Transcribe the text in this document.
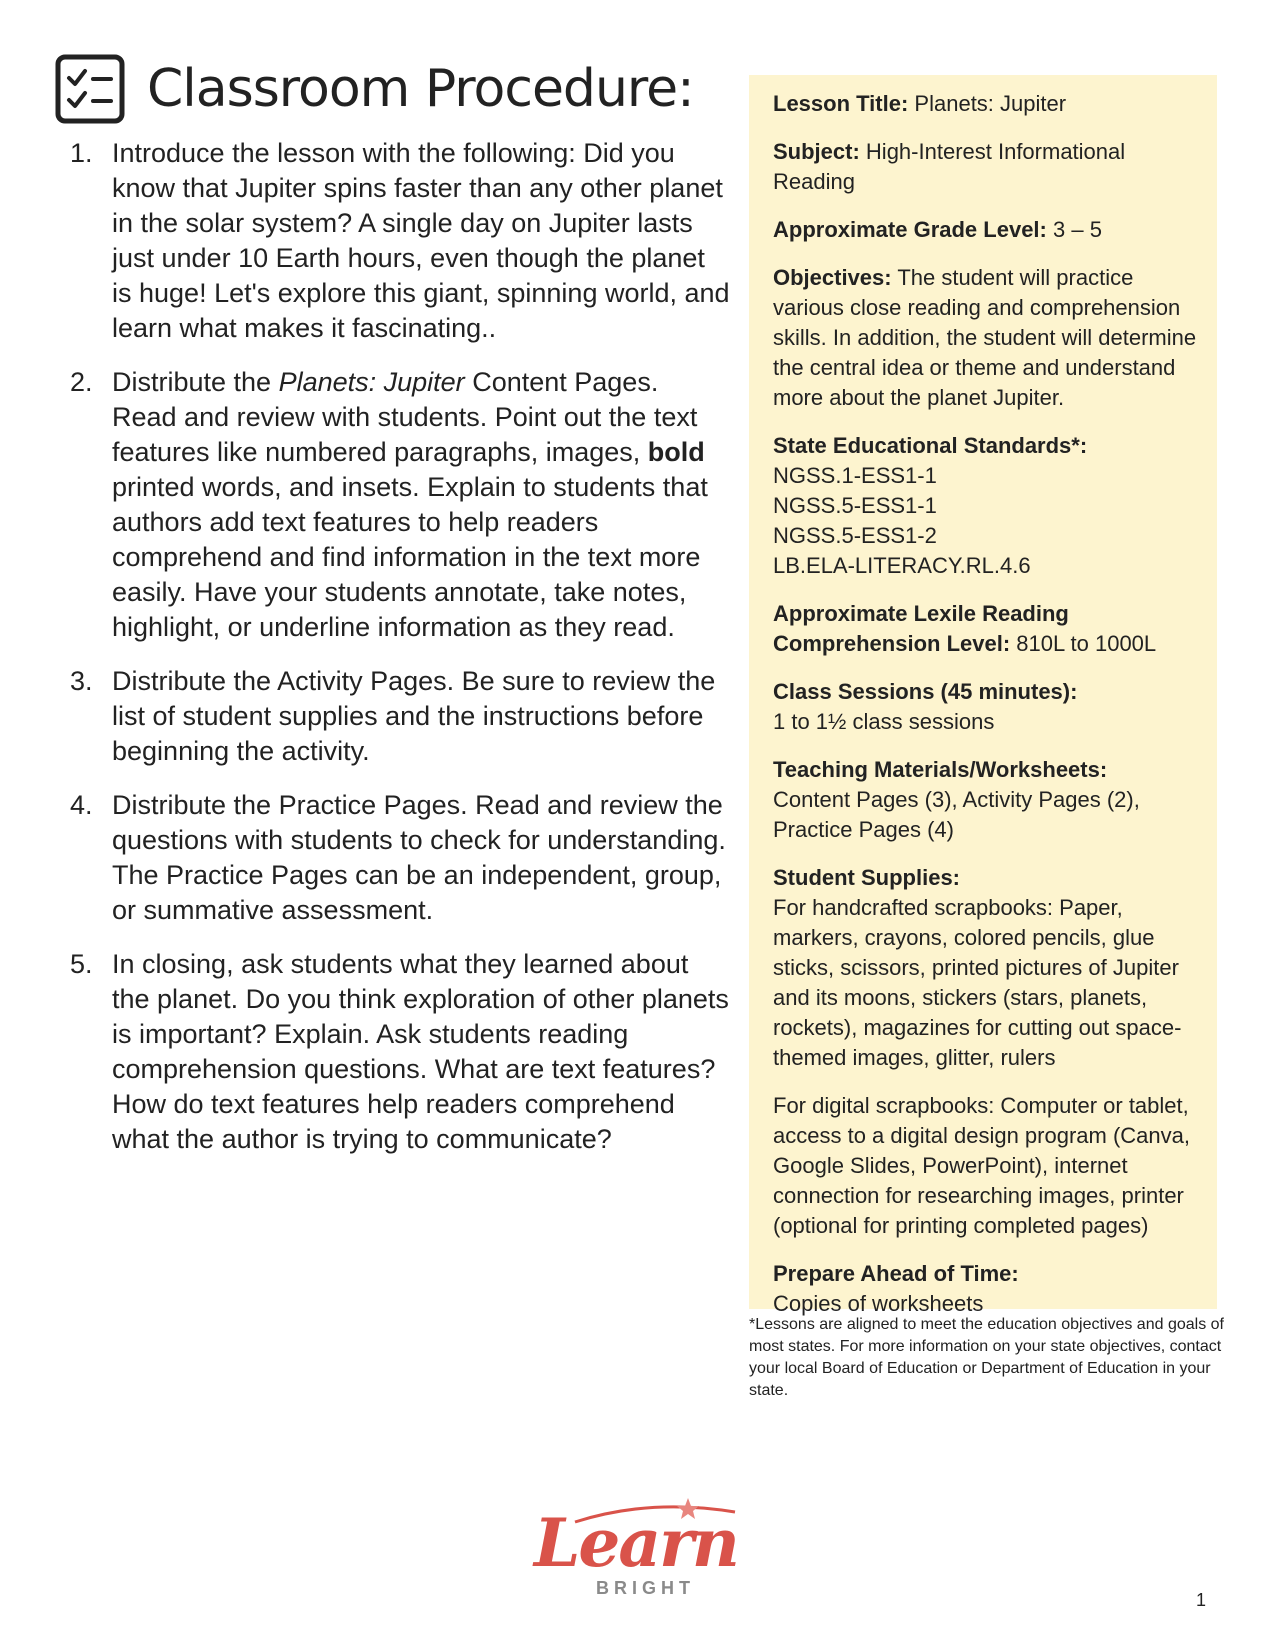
Classroom Procedure:
1. Introduce the lesson with the following: Did you know that Jupiter spins faster than any other planet in the solar system? A single day on Jupiter lasts just under 10 Earth hours, even though the planet is huge! Let's explore this giant, spinning world, and learn what makes it fascinating..
2. Distribute the Planets: Jupiter Content Pages. Read and review with students. Point out the text features like numbered paragraphs, images, bold printed words, and insets. Explain to students that authors add text features to help readers comprehend and find information in the text more easily. Have your students annotate, take notes, highlight, or underline information as they read.
3. Distribute the Activity Pages. Be sure to review the list of student supplies and the instructions before beginning the activity.
4. Distribute the Practice Pages. Read and review the questions with students to check for understanding. The Practice Pages can be an independent, group, or summative assessment.
5. In closing, ask students what they learned about the planet. Do you think exploration of other planets is important? Explain. Ask students reading comprehension questions. What are text features? How do text features help readers comprehend what the author is trying to communicate?

Lesson Title: Planets: Jupiter

Subject: High-Interest Informational Reading

Approximate Grade Level: 3 – 5

Objectives: The student will practice various close reading and comprehension skills. In addition, the student will determine the central idea or theme and understand more about the planet Jupiter.

State Educational Standards*:
NGSS.1-ESS1-1
NGSS.5-ESS1-1
NGSS.5-ESS1-2
LB.ELA-LITERACY.RL.4.6

Approximate Lexile Reading Comprehension Level: 810L to 1000L

Class Sessions (45 minutes):
1 to 1½ class sessions

Teaching Materials/Worksheets:
Content Pages (3), Activity Pages (2), Practice Pages (4)

Student Supplies:
For handcrafted scrapbooks: Paper, markers, crayons, colored pencils, glue sticks, scissors, printed pictures of Jupiter and its moons, stickers (stars, planets, rockets), magazines for cutting out space-themed images, glitter, rulers

For digital scrapbooks: Computer or tablet, access to a digital design program (Canva, Google Slides, PowerPoint), internet connection for researching images, printer (optional for printing completed pages)

Prepare Ahead of Time:
Copies of worksheets

*Lessons are aligned to meet the education objectives and goals of most states. For more information on your state objectives, contact your local Board of Education or Department of Education in your state.
Learn
BRIGHT
1
